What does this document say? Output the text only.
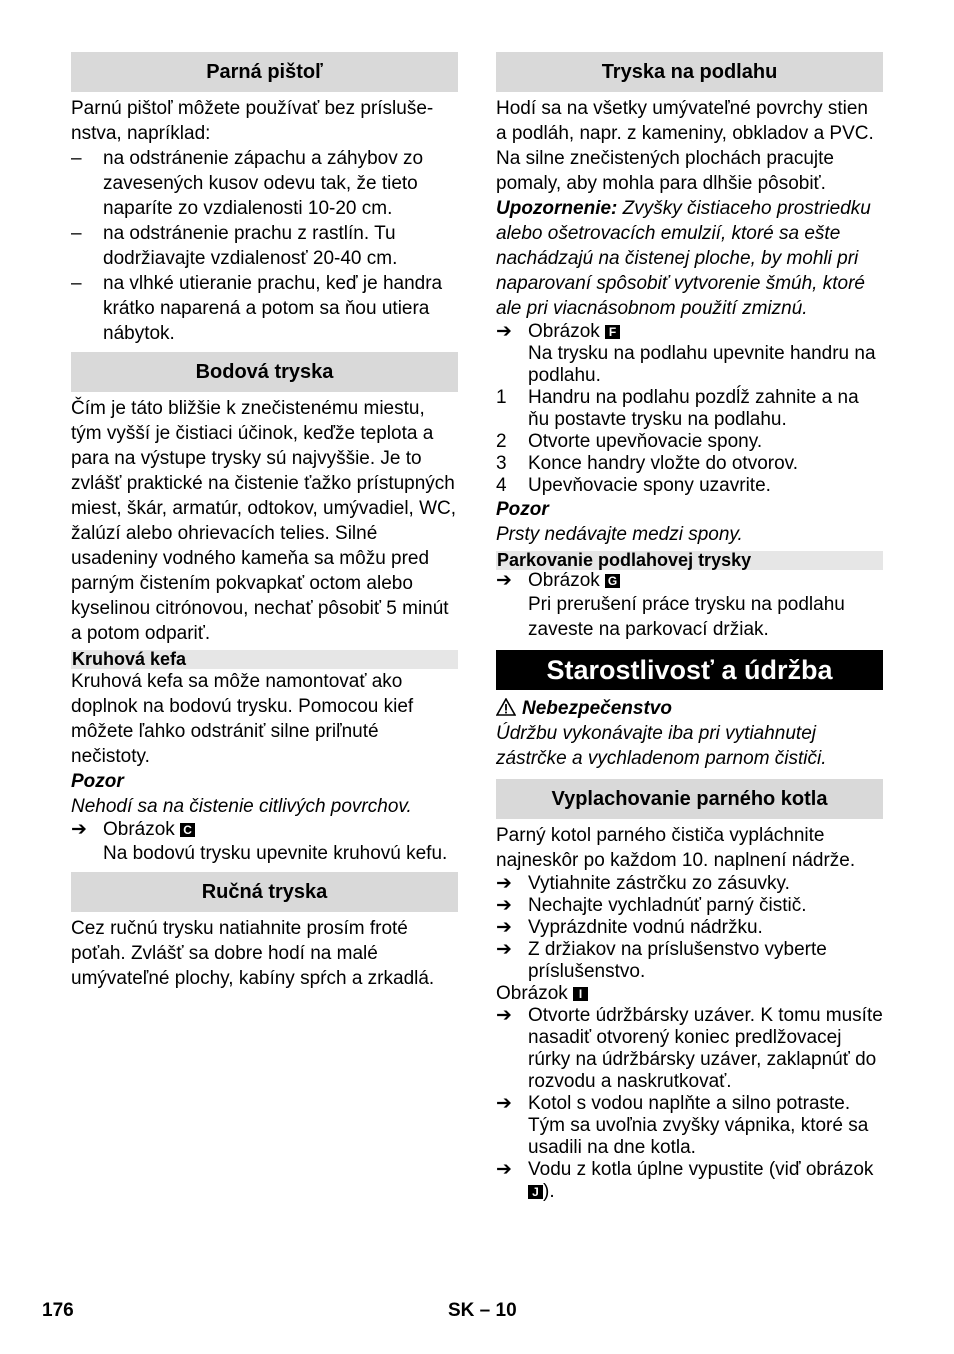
Parná pištoľ

Parnú pištoľ môžete používať bez príslušenstva, napríklad:

–	na odstránenie zápachu a záhybov zo zavesených kusov odevu tak, že tieto naparíte zo vzdialenosti 10-20 cm.
–	na odstránenie prachu z rastlín. Tu dodržiavajte vzdialenosť 20-40 cm.
–	na vlhké utieranie prachu, keď je handra krátko naparená a potom sa ňou utiera nábytok.
Bodová tryska

Čím je táto bližšie k znečistenému miestu, tým vyšší je čistiaci účinok, keďže teplota a para na výstupe trysky sú najvyššie. Je to zvlášť praktické na čistenie ťažko prístupných miest, škár, armatúr, odtokov, umývadiel, WC, žalúzí alebo ohrievacích telies. Silné usadeniny vodného kameňa sa môžu pred parným čistením pokvapkať octom alebo kyselinou citrónovou, nechať pôsobiť 5 minút a potom odpariť.

Kruhová kefa

Kruhová kefa sa môže namontovať ako doplnok na bodovú trysku. Pomocou kief môžete ľahko odstrániť silne priľnuté nečistoty.

Pozor

Nehodí sa na čistenie citlivých povrchov.

➔ Obrázok C
Na bodovú trysku upevnite kruhovú kefu.
Ručná tryska

Cez ručnú trysku natiahnite prosím froté poťah. Zvlášť sa dobre hodí na malé umývateľné plochy, kabíny spŕch a zrkadlá.

Tryska na podlahu

Hodí sa na všetky umývateľné povrchy stien a podláh, napr. z kameniny, obkladov a PVC. Na silne znečistených plochách pracujte pomaly, aby mohla para dlhšie pôsobiť.

Upozornenie: Zvyšky čistiaceho prostriedku alebo ošetrovacích emulzií, ktoré sa ešte nachádzajú na čistenej ploche, by mohli pri naparovaní spôsobiť vytvorenie šmúh, ktoré ale pri viacnásobnom použití zmiznú.

➔ Obrázok F
Na trysku na podlahu upevnite handru na podlahu.
1	Handru na podlahu pozdĺž zahnite a na ňu postavte trysku na podlahu.
2	Otvorte upevňovacie spony.
3	Konce handry vložte do otvorov.
4	Upevňovacie spony uzavrite.

Pozor

Prsty nedávajte medzi spony.

Parkovanie podlahovej trysky
➔ Obrázok G
Pri prerušení práce trysku na podlahu zaveste na parkovací držiak.
Starostlivosť a údržba

Nebezpečenstvo

Údržbu vykonávajte iba pri vytiahnutej zástrčke a vychladenom parnom čističi.

Vyplachovanie parného kotla

Parný kotol parného čističa vypláchnite najneskôr po každom 10. naplnení nádrže.

➔ Vytiahnite zástrčku zo zásuvky.
➔ Nechajte vychladnúť parný čistič.
➔ Vyprázdnite vodnú nádržku.
➔ Z držiakov na príslušenstvo vyberte príslušenstvo.

Obrázok I

➔ Otvorte údržbársky uzáver. K tomu musíte nasadiť otvorený koniec predlžovacej rúrky na údržbársky uzáver, zaklapnúť do rozvodu a naskrutkovať.
➔ Kotol s vodou naplňte a silno potraste. Tým sa uvoľnia zvyšky vápnika, ktoré sa usadili na dne kotla.
➔ Vodu z kotla úplne vypustite (viď obrázok J ).
176	SK – 10
